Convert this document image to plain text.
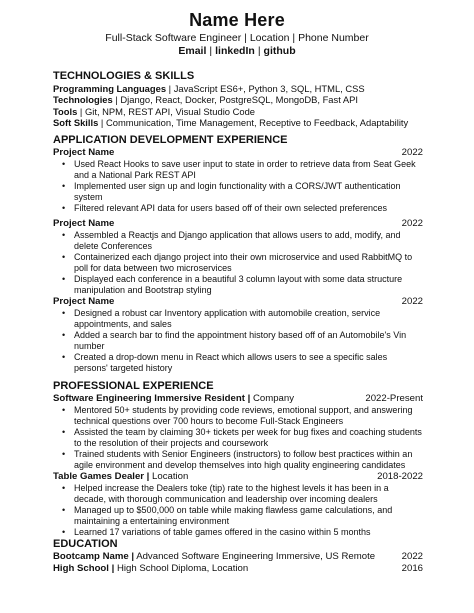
Name Here
Full-Stack Software Engineer | Location | Phone Number
Email | linkedIn | github
TECHNOLOGIES & SKILLS
Programming Languages | JavaScript ES6+, Python 3, SQL, HTML, CSS
Technologies | Django, React, Docker, PostgreSQL, MongoDB, Fast API
Tools | Git, NPM, REST API, Visual Studio Code
Soft Skills | Communication, Time Management, Receptive to Feedback, Adaptability
APPLICATION DEVELOPMENT EXPERIENCE
Project Name	2022
• Used React Hooks to save user input to state in order to retrieve data from Seat Geek and a National Park REST API
• Implemented user sign up and login functionality with a CORS/JWT authentication system
• Filtered relevant API data for users based off of their own selected preferences
Project Name	2022
• Assembled a Reactjs and Django application that allows users to add, modify, and delete Conferences
• Containerized each django project into their own microservice and used RabbitMQ to poll for data between two microservices
• Displayed each conference in a beautiful 3 column layout with some data structure manipulation and Bootstrap styling
Project Name	2022
• Designed a robust car Inventory application with automobile creation, service appointments, and sales
• Added a search bar to find the appointment history based off of an Automobile's Vin number
• Created a drop-down menu in React which allows users to see a specific sales persons' targeted history
PROFESSIONAL EXPERIENCE
Software Engineering Immersive Resident | Company	2022-Present
• Mentored 50+ students by providing code reviews, emotional support, and answering technical questions over 700 hours to become Full-Stack Engineers
• Assisted the team by claiming 30+ tickets per week for bug fixes and coaching students to the resolution of their projects and coursework
• Trained students with Senior Engineers (instructors) to follow best practices within an agile environment and develop themselves into high quality engineering candidates
Table Games Dealer | Location	2018-2022
• Helped increase the Dealers toke (tip) rate to the highest levels it has been in a decade, with thorough communication and leadership over incoming dealers
• Managed up to $500,000 on table while making flawless game calculations, and maintaining a entertaining environment
• Learned 17 variations of table games offered in the casino within 5 months
EDUCATION
Bootcamp Name | Advanced Software Engineering Immersive, US Remote	2022
High School | High School Diploma, Location	2016
